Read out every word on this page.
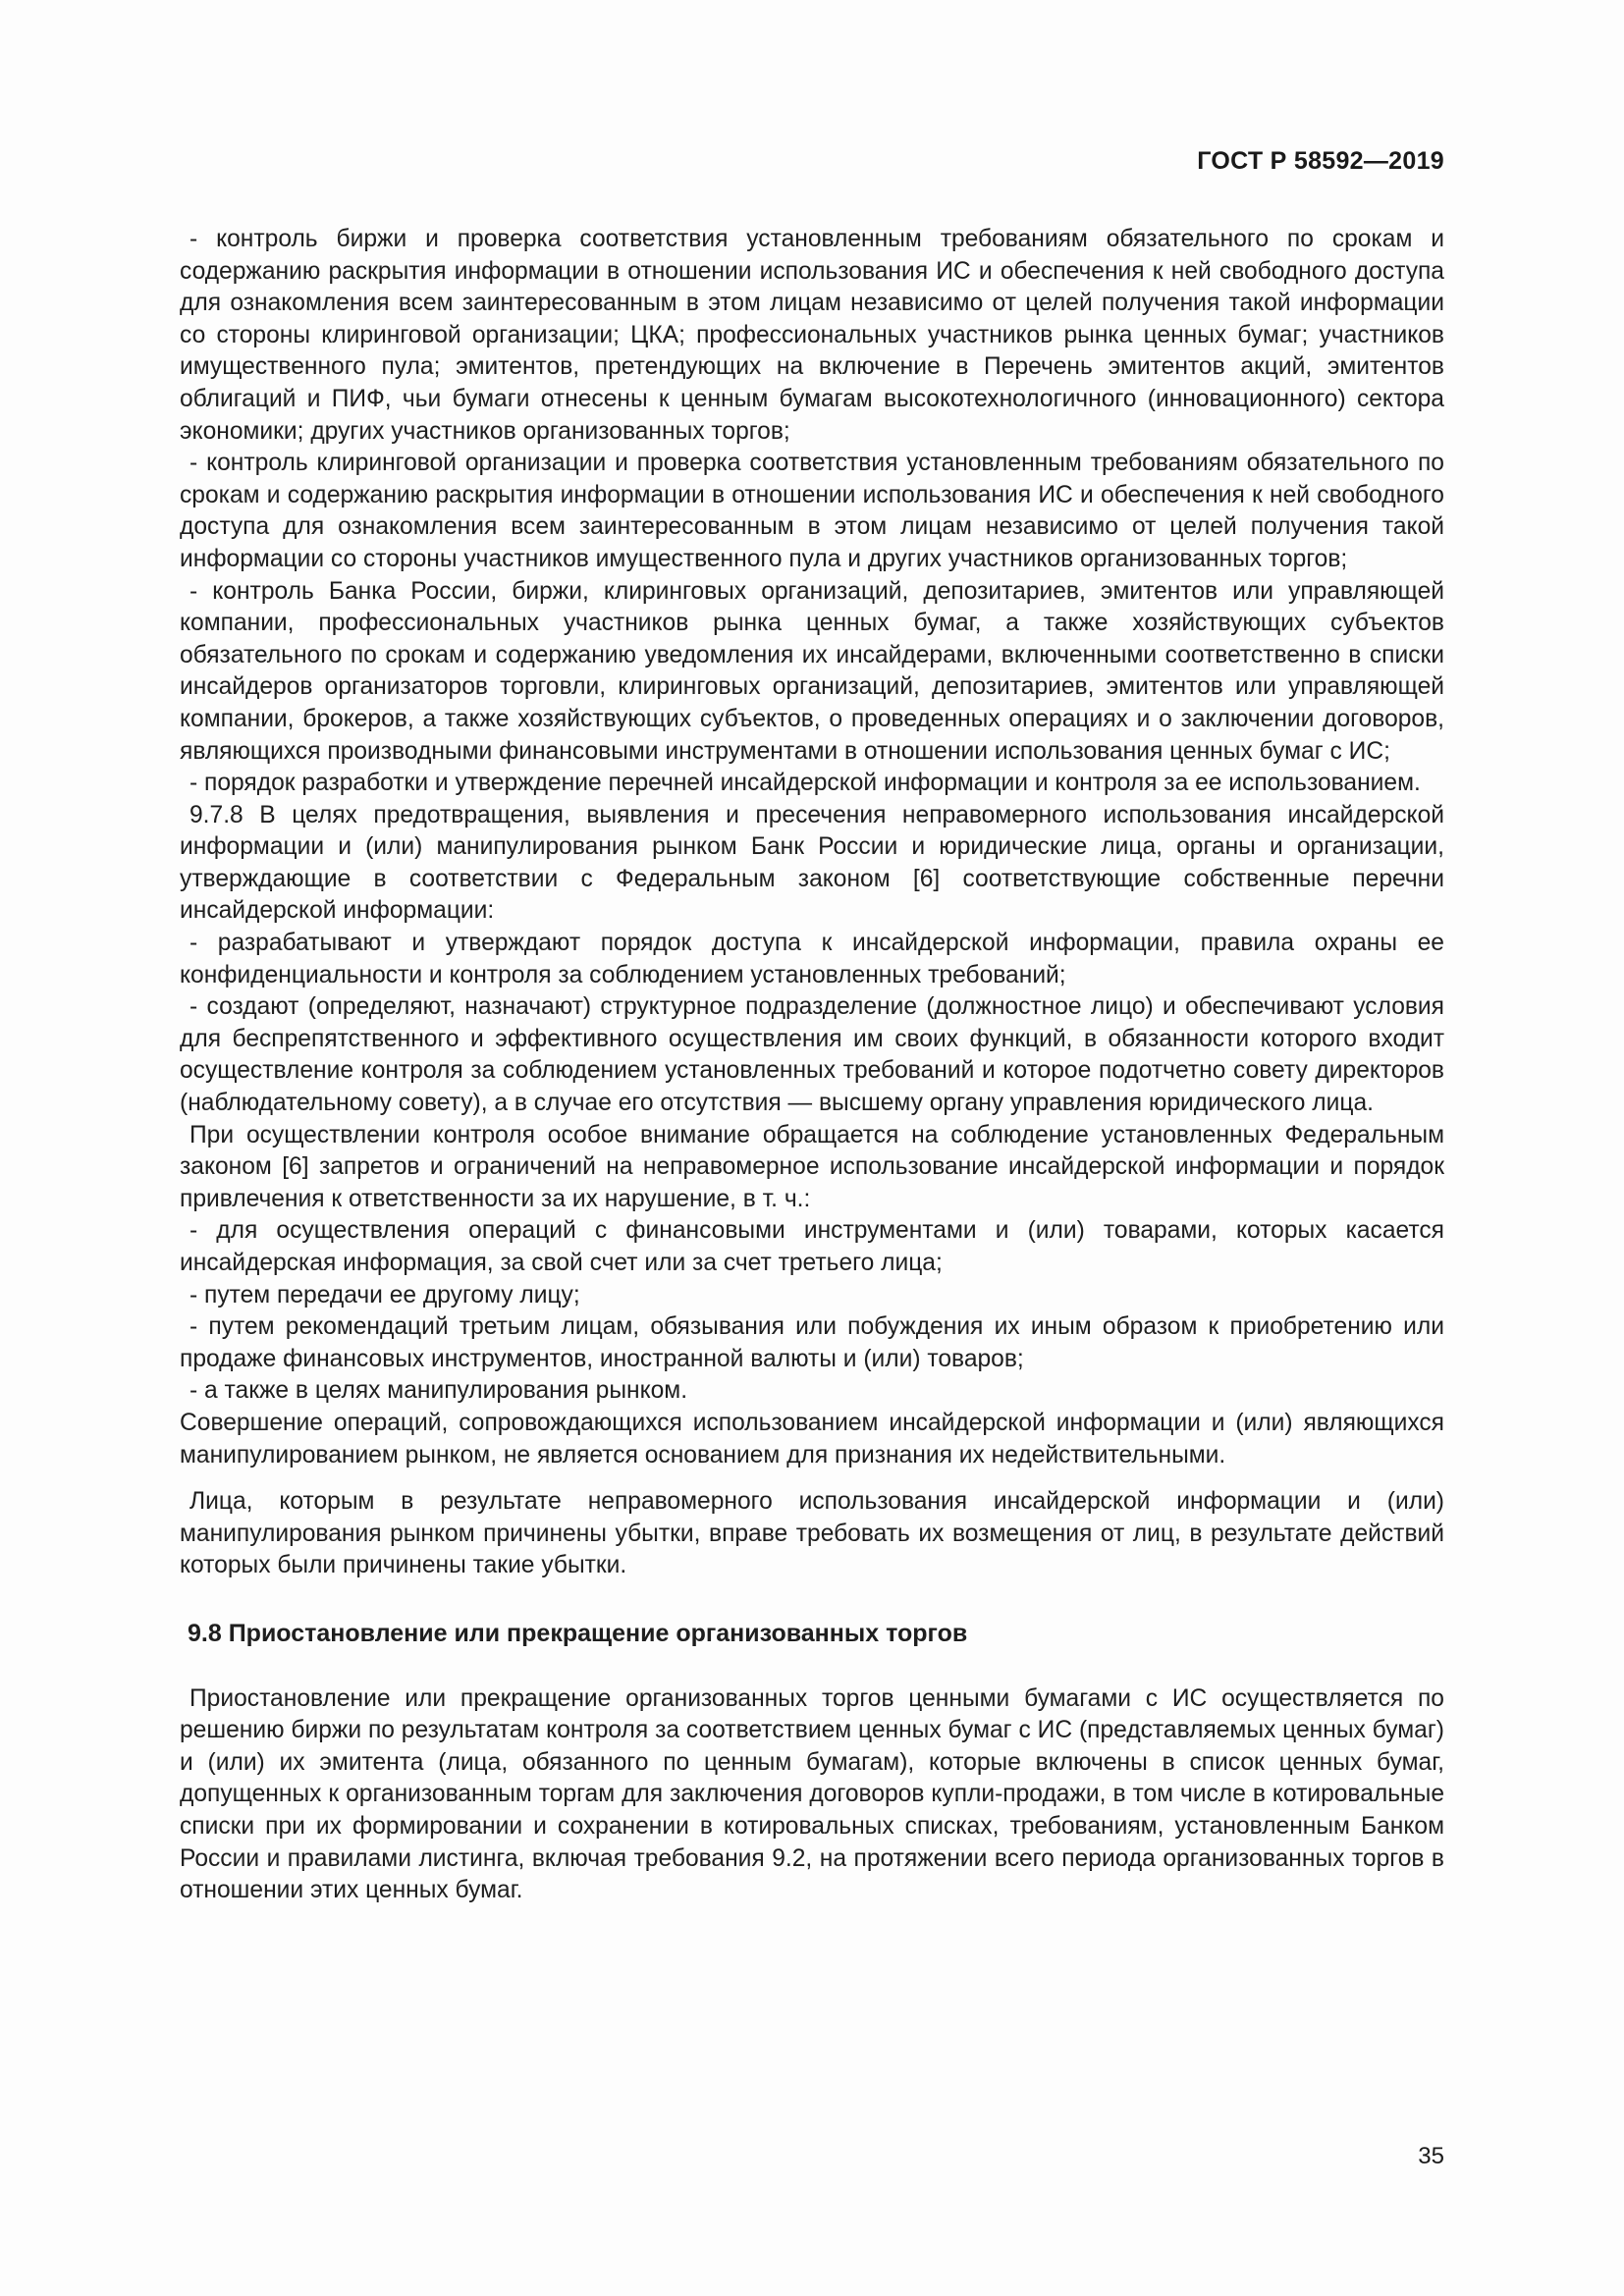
ГОСТ Р 58592—2019

- контроль биржи и проверка соответствия установленным требованиям обязательного по срокам и содержанию раскрытия информации в отношении использования ИС и обеспечения к ней свободного доступа для ознакомления всем заинтересованным в этом лицам независимо от целей получения такой информации со стороны клиринговой организации; ЦКА; профессиональных участников рынка ценных бумаг; участников имущественного пула; эмитентов, претендующих на включение в Перечень эмитентов акций, эмитентов облигаций и ПИФ, чьи бумаги отнесены к ценным бумагам высокотехнологичного (инновационного) сектора экономики; других участников организованных торгов;

- контроль клиринговой организации и проверка соответствия установленным требованиям обязательного по срокам и содержанию раскрытия информации в отношении использования ИС и обеспечения к ней свободного доступа для ознакомления всем заинтересованным в этом лицам независимо от целей получения такой информации со стороны участников имущественного пула и других участников организованных торгов;

- контроль Банка России, биржи, клиринговых организаций, депозитариев, эмитентов или управляющей компании, профессиональных участников рынка ценных бумаг, а также хозяйствующих субъектов обязательного по срокам и содержанию уведомления их инсайдерами, включенными соответственно в списки инсайдеров организаторов торговли, клиринговых организаций, депозитариев, эмитентов или управляющей компании, брокеров, а также хозяйствующих субъектов, о проведенных операциях и о заключении договоров, являющихся производными финансовыми инструментами в отношении использования ценных бумаг с ИС;

- порядок разработки и утверждение перечней инсайдерской информации и контроля за ее использованием.

9.7.8 В целях предотвращения, выявления и пресечения неправомерного использования инсайдерской информации и (или) манипулирования рынком Банк России и юридические лица, органы и организации, утверждающие в соответствии с Федеральным законом [6] соответствующие собственные перечни инсайдерской информации:

- разрабатывают и утверждают порядок доступа к инсайдерской информации, правила охраны ее конфиденциальности и контроля за соблюдением установленных требований;

- создают (определяют, назначают) структурное подразделение (должностное лицо) и обеспечивают условия для беспрепятственного и эффективного осуществления им своих функций, в обязанности которого входит осуществление контроля за соблюдением установленных требований и которое подотчетно совету директоров (наблюдательному совету), а в случае его отсутствия — высшему органу управления юридического лица.

При осуществлении контроля особое внимание обращается на соблюдение установленных Федеральным законом [6] запретов и ограничений на неправомерное использование инсайдерской информации и порядок привлечения к ответственности за их нарушение, в т. ч.:

- для осуществления операций с финансовыми инструментами и (или) товарами, которых касается инсайдерская информация, за свой счет или за счет третьего лица;

- путем передачи ее другому лицу;

- путем рекомендаций третьим лицам, обязывания или побуждения их иным образом к приобретению или продаже финансовых инструментов, иностранной валюты и (или) товаров;

- а также в целях манипулирования рынком.

Совершение операций, сопровождающихся использованием инсайдерской информации и (или) являющихся манипулированием рынком, не является основанием для признания их недействительными.

Лица, которым в результате неправомерного использования инсайдерской информации и (или) манипулирования рынком причинены убытки, вправе требовать их возмещения от лиц, в результате действий которых были причинены такие убытки.

9.8 Приостановление или прекращение организованных торгов

Приостановление или прекращение организованных торгов ценными бумагами с ИС осуществляется по решению биржи по результатам контроля за соответствием ценных бумаг с ИС (представляемых ценных бумаг) и (или) их эмитента (лица, обязанного по ценным бумагам), которые включены в список ценных бумаг, допущенных к организованным торгам для заключения договоров купли-продажи, в том числе в котировальные списки при их формировании и сохранении в котировальных списках, требованиям, установленным Банком России и правилами листинга, включая требования 9.2, на протяжении всего периода организованных торгов в отношении этих ценных бумаг.

35
